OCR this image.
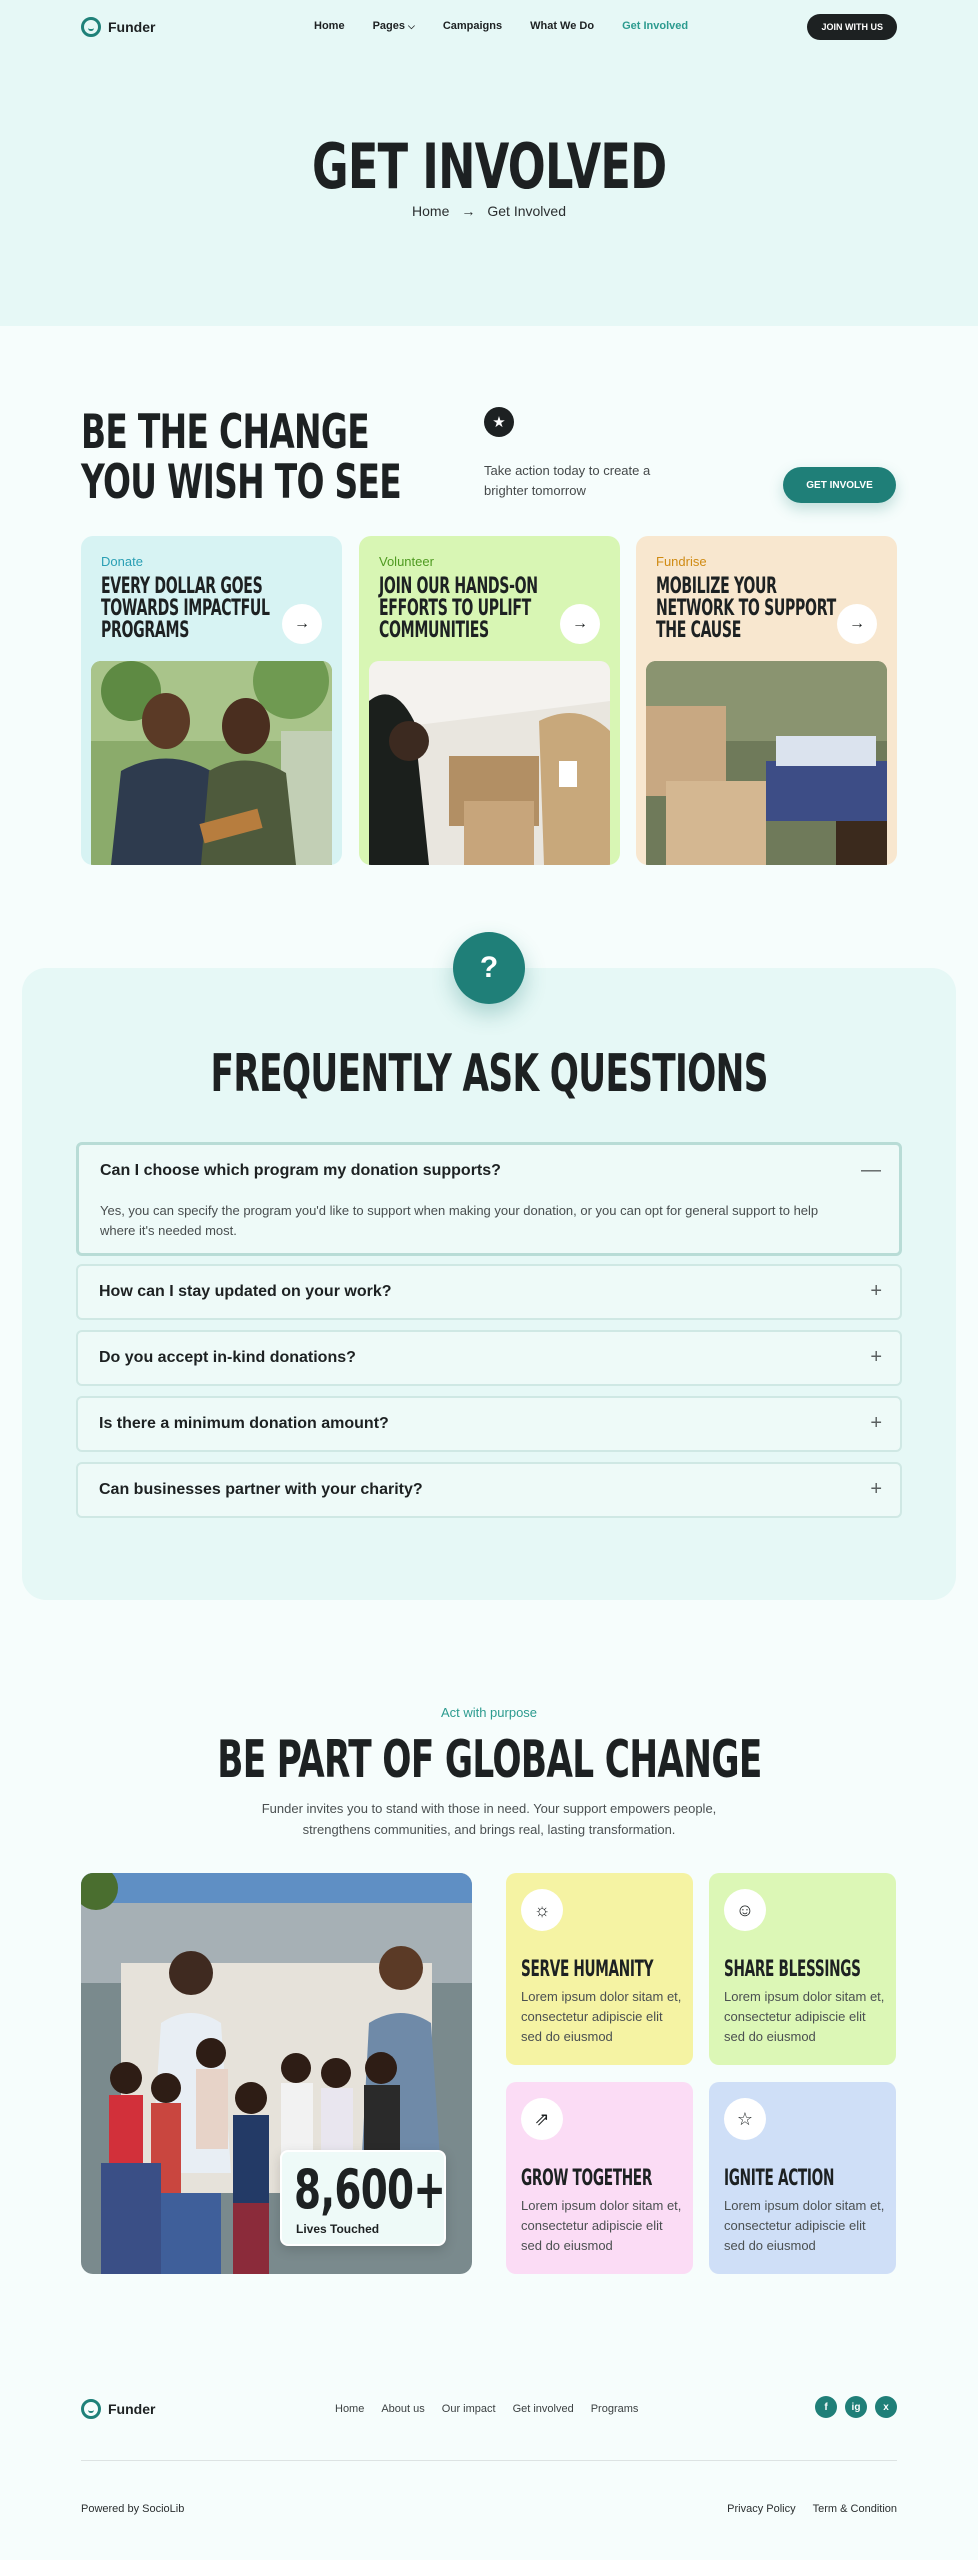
Funder	Home	Pages ⌵	Campaigns	What We Do	Get Involved	JOIN WITH US
GET INVOLVED
Home → Get Involved
BE THE CHANGE
YOU WISH TO SEE
★
Take action today to create a brighter tomorrow	GET INVOLVE
Donate
EVERY DOLLAR GOES
TOWARDS IMPACTFUL
PROGRAMS	→
Volunteer
JOIN OUR HANDS-ON
EFFORTS TO UPLIFT
COMMUNITIES	→
Fundrise
MOBILIZE YOUR
NETWORK TO SUPPORT
THE CAUSE	→
?
FREQUENTLY ASK QUESTIONS
Can I choose which program my donation supports?	—
Yes, you can specify the program you'd like to support when making your donation, or you can opt for general support to help where it's needed most.
How can I stay updated on your work?	+
Do you accept in-kind donations?	+
Is there a minimum donation amount?	+
Can businesses partner with your charity?	+
Act with purpose
BE PART OF GLOBAL CHANGE
Funder invites you to stand with those in need. Your support empowers people, strengthens communities, and brings real, lasting transformation.
8,600+
Lives Touched
☼
SERVE HUMANITY
Lorem ipsum dolor sitam et, consectetur adipiscie elit sed do eiusmod
☺
SHARE BLESSINGS
Lorem ipsum dolor sitam et, consectetur adipiscie elit sed do eiusmod
⇗
GROW TOGETHER
Lorem ipsum dolor sitam et, consectetur adipiscie elit sed do eiusmod
☆
IGNITE ACTION
Lorem ipsum dolor sitam et, consectetur adipiscie elit sed do eiusmod
Funder	Home About us Our impact Get involved Programs	f	ig	x
Powered by SocioLib	Privacy Policy Term & Condition
